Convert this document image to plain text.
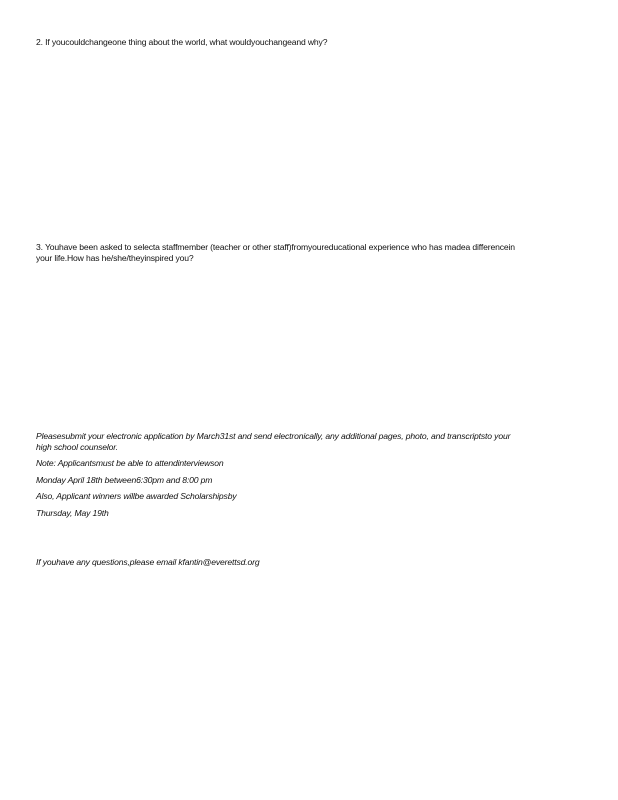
2. If youcouldchangeone thing about the world, what wouldyouchangeand why?

3. Youhave been asked to selecta staffmember (teacher or other staff)fromyoureducational experience who has madea differencein
your life.How has he/she/theyinspired you?

Pleasesubmit your electronic application by March31st and send electronically, any additional pages, photo, and transcriptsto your
high school counselor.

Note: Applicantsmust be able to attendinterviewson

Monday April 18th between6:30pm and 8:00 pm

Also, Applicant winners willbe awarded Scholarshipsby

Thursday, May 19th

If youhave any questions,please email kfantin@everettsd.org
